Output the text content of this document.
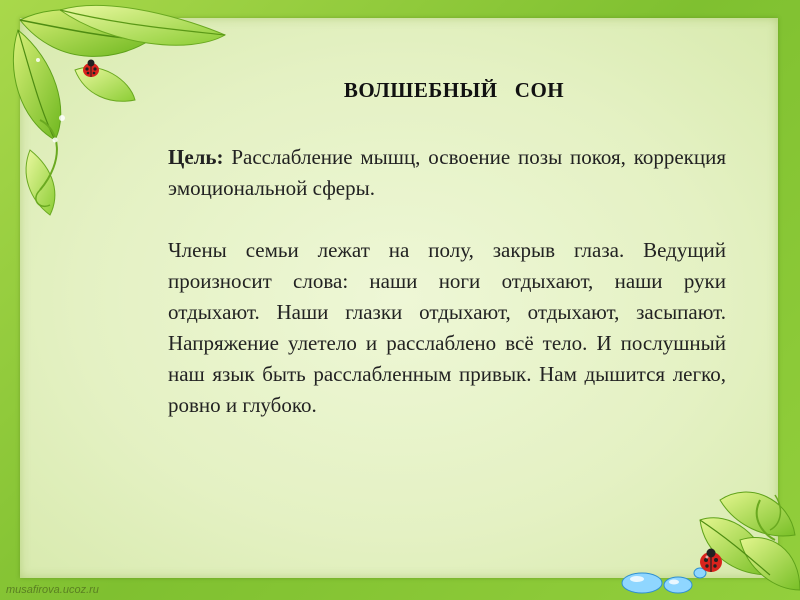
ВОЛШЕБНЫЙ   СОН

Цель: Расслабление мышц, освоение позы покоя, коррекция эмоциональной сферы.

Члены семьи лежат на полу, закрыв глаза. Ведущий произносит слова: наши ноги отдыхают, наши руки отдыхают. Наши глазки отдыхают, отдыхают, засыпают. Напряжение улетело и расслаблено всё тело. И послушный наш язык быть расслабленным привык. Нам дышится легко, ровно и глубоко.

musafirova.ucoz.ru
